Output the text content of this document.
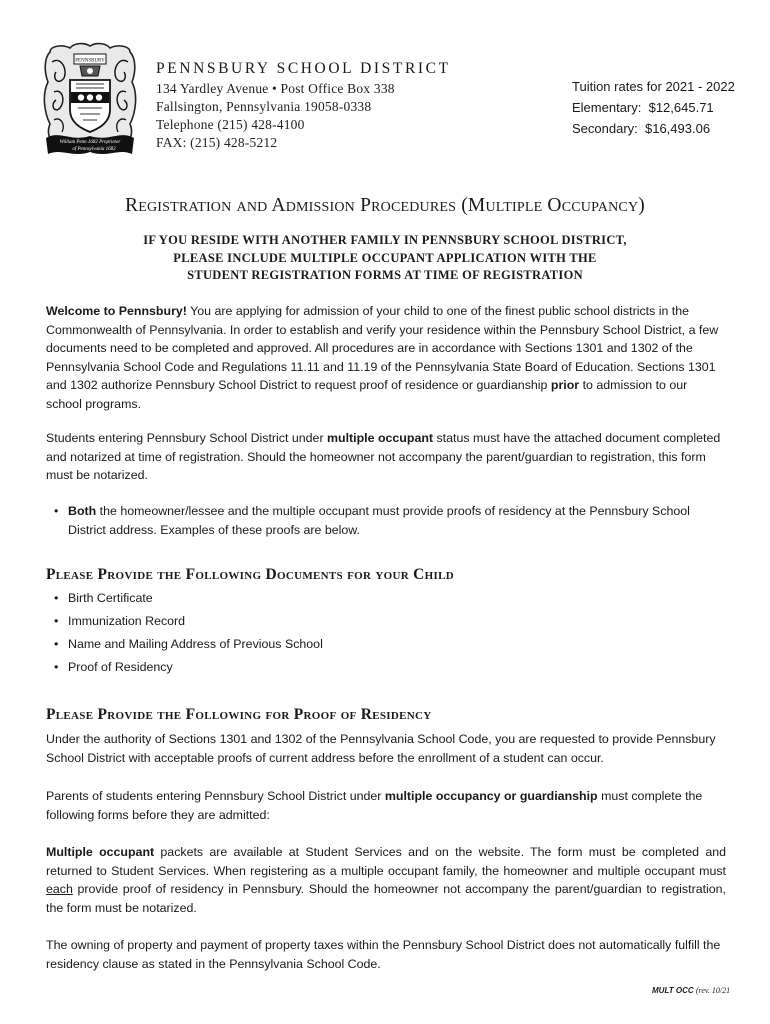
PENNSBURY
William Penn 1682 Proprietor
of Pennsylvania 1682
PENNSBURY SCHOOL DISTRICT
134 Yardley Avenue • Post Office Box 338
Fallsington, Pennsylvania 19058-0338
Telephone (215) 428-4100
FAX: (215) 428-5212
Tuition rates for 2021 - 2022
Elementary:  $12,645.71
Secondary:  $16,493.06
Registration and Admission Procedures (Multiple Occupancy)
IF YOU RESIDE WITH ANOTHER FAMILY IN PENNSBURY SCHOOL DISTRICT,
PLEASE INCLUDE MULTIPLE OCCUPANT APPLICATION WITH THE
STUDENT REGISTRATION FORMS AT TIME OF REGISTRATION

Welcome to Pennsbury! You are applying for admission of your child to one of the finest public school districts in the Commonwealth of Pennsylvania. In order to establish and verify your residence within the Pennsbury School District, a few documents need to be completed and approved. All procedures are in accordance with Sections 1301 and 1302 of the Pennsylvania School Code and Regulations 11.11 and 11.19 of the Pennsylvania State Board of Education. Sections 1301 and 1302 authorize Pennsbury School District to request proof of residence or guardianship prior to admission to our school programs.

Students entering Pennsbury School District under multiple occupant status must have the attached document completed and notarized at time of registration. Should the homeowner not accompany the parent/guardian to registration, this form must be notarized.

• Both the homeowner/lessee and the multiple occupant must provide proofs of residency at the Pennsbury School District address. Examples of these proofs are below.
Please Provide the Following Documents for your Child
• Birth Certificate
• Immunization Record
• Name and Mailing Address of Previous School
• Proof of Residency
Please Provide the Following for Proof of Residency

Under the authority of Sections 1301 and 1302 of the Pennsylvania School Code, you are requested to provide Pennsbury School District with acceptable proofs of current address before the enrollment of a student can occur.

Parents of students entering Pennsbury School District under multiple occupancy or guardianship must complete the following forms before they are admitted:

Multiple occupant packets are available at Student Services and on the website. The form must be completed and returned to Student Services. When registering as a multiple occupant family, the homeowner and multiple occupant must each provide proof of residency in Pennsbury. Should the homeowner not accompany the parent/guardian to registration, the form must be notarized.

The owning of property and payment of property taxes within the Pennsbury School District does not automatically fulfill the residency clause as stated in the Pennsylvania School Code.

MULT OCC (rev. 10/21
